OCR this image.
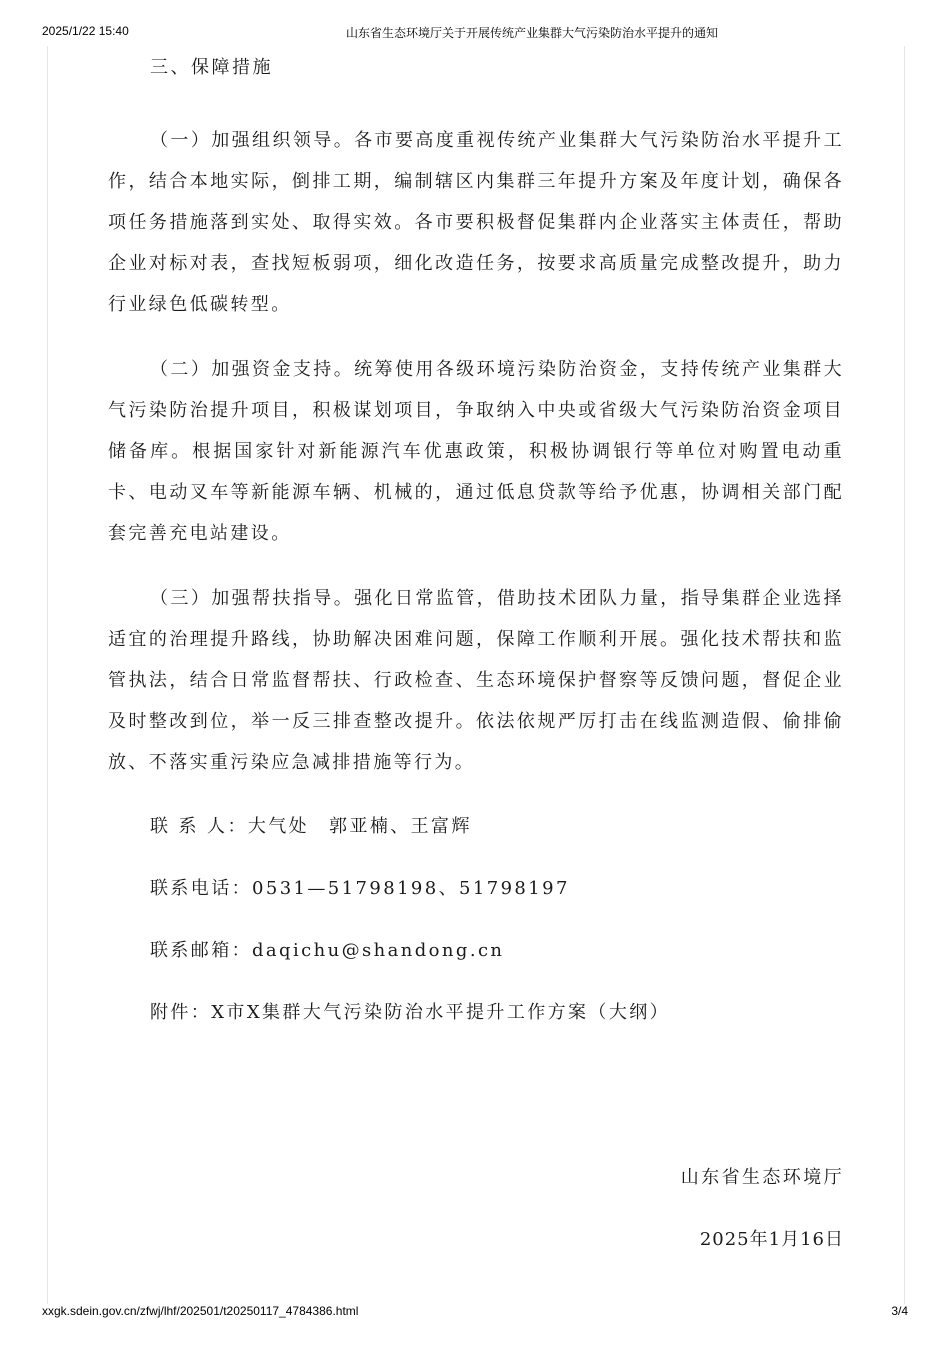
2025/1/22 15:40	山东省生态环境厅关于开展传统产业集群大气污染防治水平提升的通知
三、保障措施

（一）加强组织领导。各市要高度重视传统产业集群大气污染防治水平提升工作，结合本地实际，倒排工期，编制辖区内集群三年提升方案及年度计划，确保各项任务措施落到实处、取得实效。各市要积极督促集群内企业落实主体责任，帮助企业对标对表，查找短板弱项，细化改造任务，按要求高质量完成整改提升，助力行业绿色低碳转型。

（二）加强资金支持。统筹使用各级环境污染防治资金，支持传统产业集群大气污染防治提升项目，积极谋划项目，争取纳入中央或省级大气污染防治资金项目储备库。根据国家针对新能源汽车优惠政策，积极协调银行等单位对购置电动重卡、电动叉车等新能源车辆、机械的，通过低息贷款等给予优惠，协调相关部门配套完善充电站建设。

（三）加强帮扶指导。强化日常监管，借助技术团队力量，指导集群企业选择适宜的治理提升路线，协助解决困难问题，保障工作顺利开展。强化技术帮扶和监管执法，结合日常监督帮扶、行政检查、生态环境保护督察等反馈问题，督促企业及时整改到位，举一反三排查整改提升。依法依规严厉打击在线监测造假、偷排偷放、不落实重污染应急减排措施等行为。

联 系 人：大气处 郭亚楠、王富辉

联系电话：0531—51798198、51798197

联系邮箱：daqichu@shandong.cn

附件：X市X集群大气污染防治水平提升工作方案（大纲）

山东省生态环境厅
2025年1月16日
xxgk.sdein.gov.cn/zfwj/lhf/202501/t20250117_4784386.html	3/4
